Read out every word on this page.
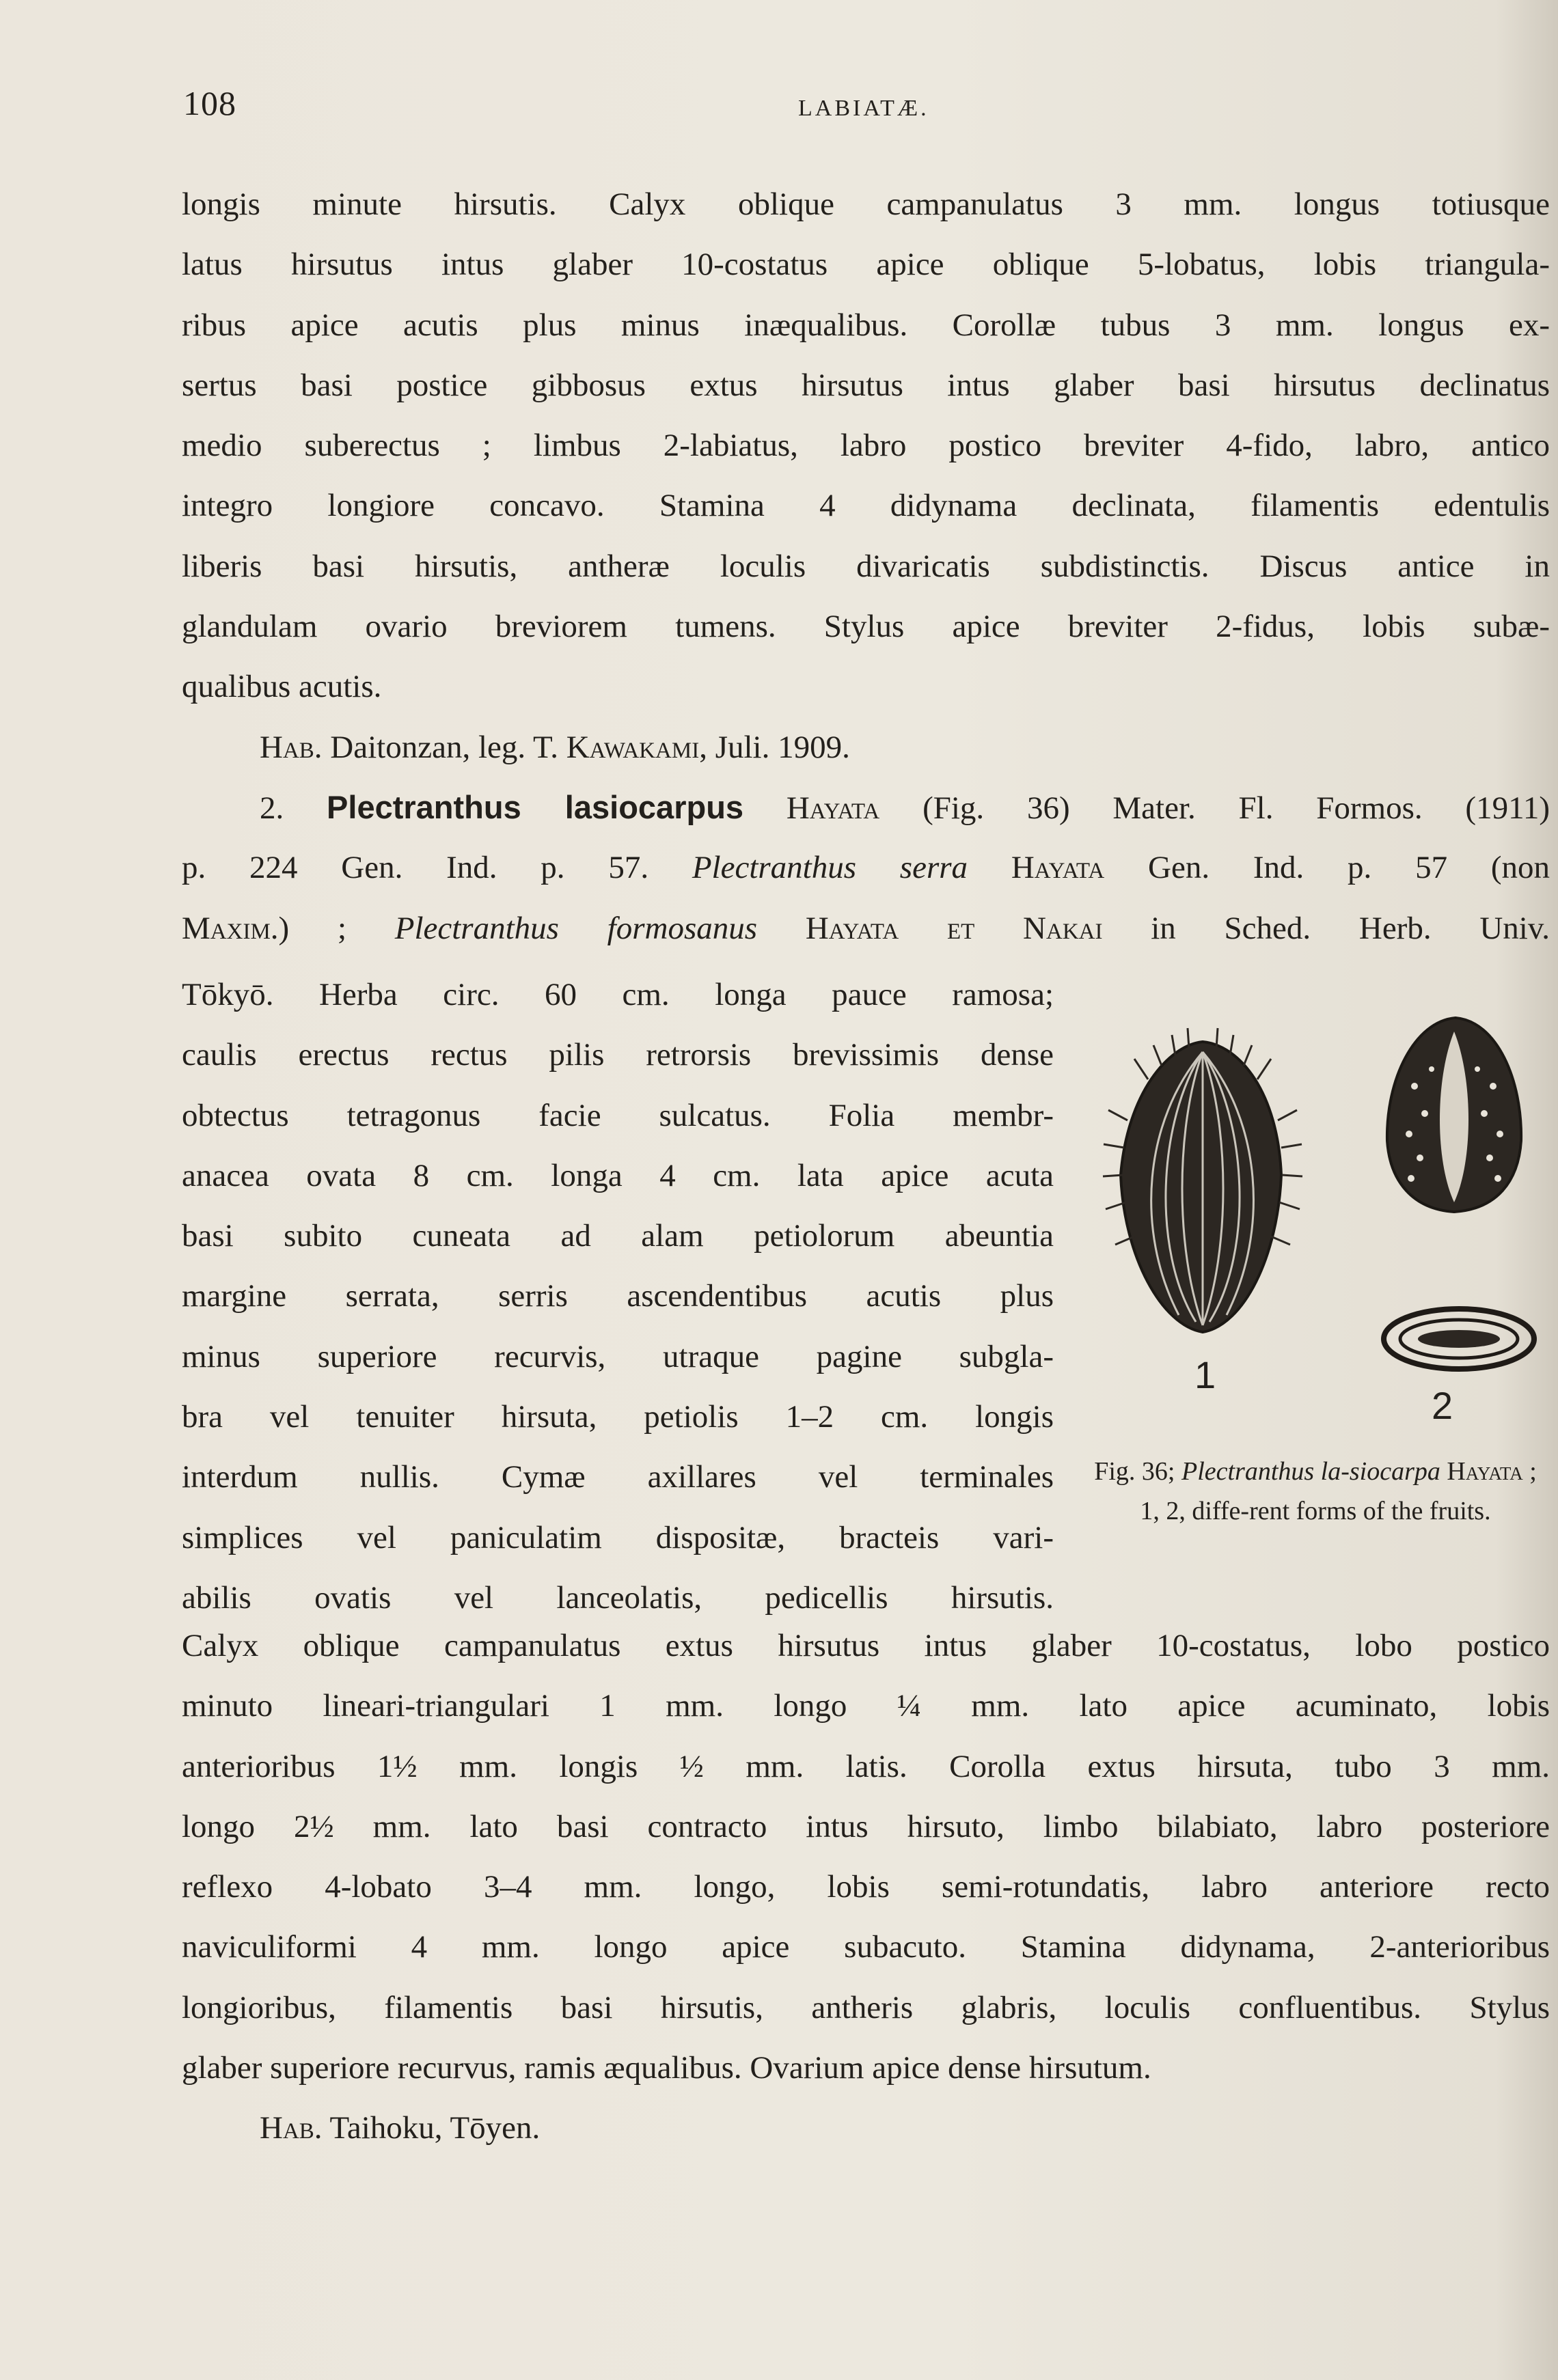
108	LABIATÆ.
longis minute hirsutis. Calyx oblique campanulatus 3 mm. longus totiusque
latus hirsutus intus glaber 10-costatus apice oblique 5-lobatus, lobis triangula-
ribus apice acutis plus minus inæqualibus. Corollæ tubus 3 mm. longus ex-
sertus basi postice gibbosus extus hirsutus intus glaber basi hirsutus declinatus
medio suberectus ; limbus 2-labiatus, labro postico breviter 4-fido, labro, antico
integro longiore concavo. Stamina 4 didynama declinata, filamentis edentulis
liberis basi hirsutis, antheræ loculis divaricatis subdistinctis. Discus antice in
glandulam ovario breviorem tumens. Stylus apice breviter 2-fidus, lobis subæ-
qualibus acutis.
Hab. Daitonzan, leg. T. Kawakami, Juli. 1909.
2. Plectranthus lasiocarpus Hayata (Fig. 36) Mater. Fl. Formos. (1911)
p. 224 Gen. Ind. p. 57. Plectranthus serra Hayata Gen. Ind. p. 57 (non
Maxim.) ; Plectranthus formosanus Hayata et Nakai in Sched. Herb. Univ.
Tōkyō. Herba circ. 60 cm. longa pauce ramosa;
caulis erectus rectus pilis retrorsis brevissimis dense
obtectus tetragonus facie sulcatus. Folia membr-
anacea ovata 8 cm. longa 4 cm. lata apice acuta
basi subito cuneata ad alam petiolorum abeuntia
margine serrata, serris ascendentibus acutis plus
minus superiore recurvis, utraque pagine subgla-
bra vel tenuiter hirsuta, petiolis 1–2 cm. longis
interdum nullis. Cymæ axillares vel terminales
simplices vel paniculatim dispositæ, bracteis vari-
abilis ovatis vel lanceolatis, pedicellis hirsutis.
1
2
Fig. 36; Plectranthus la-siocarpa Hayata ; 1, 2, diffe-rent forms of the fruits.
Calyx oblique campanulatus extus hirsutus intus glaber 10-costatus, lobo postico
minuto lineari-triangulari 1 mm. longo ¼ mm. lato apice acuminato, lobis
anterioribus 1½ mm. longis ½ mm. latis. Corolla extus hirsuta, tubo 3 mm.
longo 2½ mm. lato basi contracto intus hirsuto, limbo bilabiato, labro posteriore
reflexo 4-lobato 3–4 mm. longo, lobis semi-rotundatis, labro anteriore recto
naviculiformi 4 mm. longo apice subacuto. Stamina didynama, 2-anterioribus
longioribus, filamentis basi hirsutis, antheris glabris, loculis confluentibus. Stylus
glaber superiore recurvus, ramis æqualibus. Ovarium apice dense hirsutum.
Hab. Taihoku, Tōyen.
